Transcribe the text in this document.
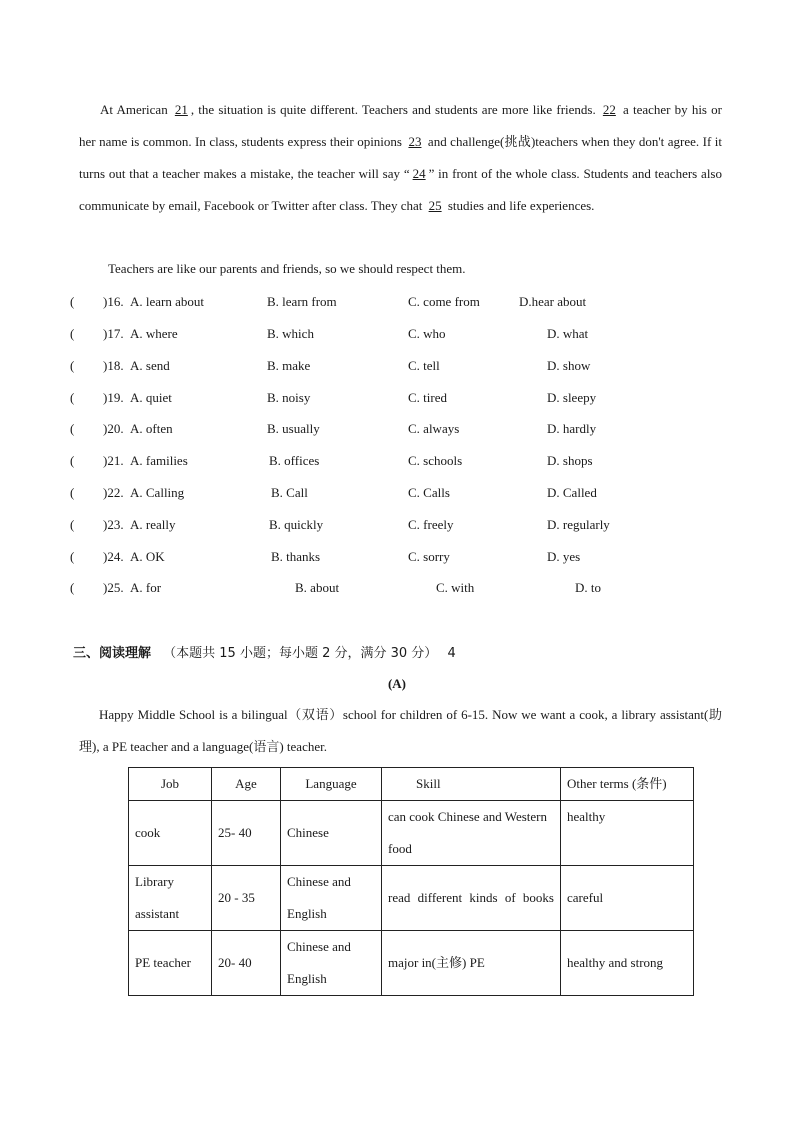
At American 21 , the situation is quite different. Teachers and students are more like friends. 22 a teacher by his or her name is common. In class, students express their opinions 23 and challenge(挑战)teachers when they don't agree. If it turns out that a teacher makes a mistake, the teacher will say “ 24 ” in front of the whole class. Students and teachers also communicate by email, Facebook or Twitter after class. They chat 25 studies and life experiences.
Teachers are like our parents and friends, so we should respect them.
( )16. A. learn about	B. learn from	C. come from	D.hear about
( )17. A. where	B. which	C. who	D. what
( )18. A. send	B. make	C. tell	D. show
( )19. A. quiet	B. noisy	C. tired	D. sleepy
( )20. A. often	B. usually	C. always	D. hardly
( )21. A. families	B. offices	C. schools	D. shops
( )22. A. Calling	B. Call	C. Calls	D. Called
( )23. A. really	B. quickly	C. freely	D. regularly
( )24. A. OK	B. thanks	C. sorry	D. yes
( )25. A. for	B. about	C. with	D. to
三、阅读理解 （本题共 15 小题；每小题 2 分，满分 30 分） 4
(A)
Happy Middle School is a bilingual（双语）school for children of 6-15. Now we want a cook, a library assistant(助理), a PE teacher and a language(语言) teacher.
Job	Age	Language	Skill	Other terms (条件)
cook	25- 40	Chinese	can cook Chinese and Western food	healthy
Library assistant	20 - 35	Chinese and English	read different kinds of books	careful
PE teacher	20- 40	Chinese and English	major in(主修) PE	healthy and strong
